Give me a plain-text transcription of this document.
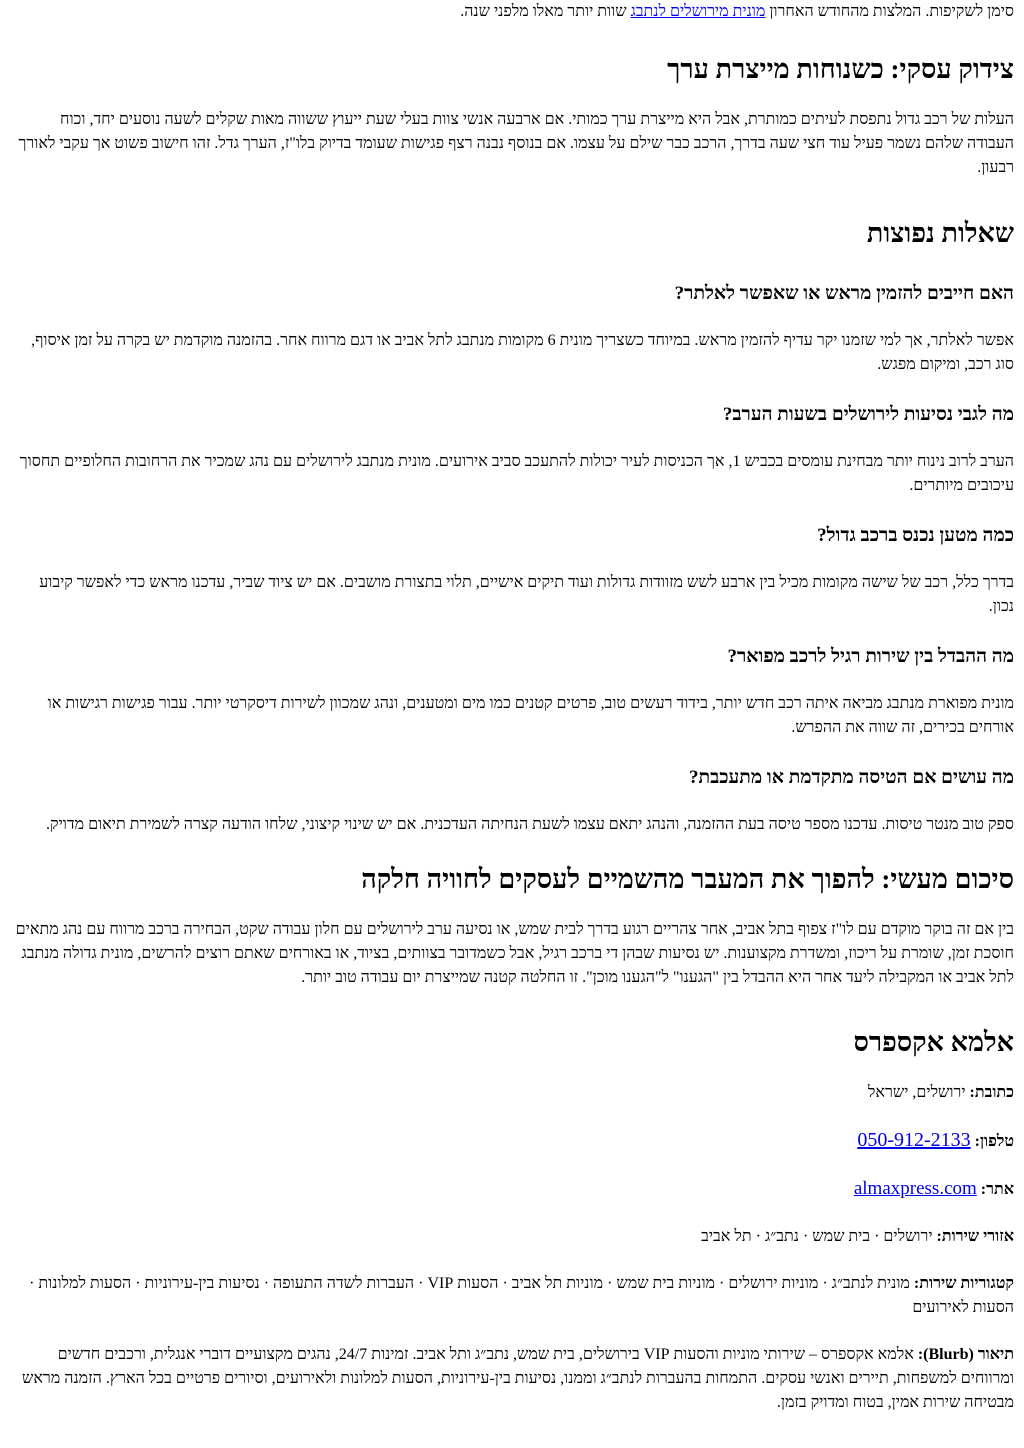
סימן לשקיפות. המלצות מהחודש האחרון מונית מירושלים לנתבג שוות יותר מאלו מלפני שנה.

צידוק עסקי: כשנוחות מייצרת ערך

העלות של רכב גדול נתפסת לעיתים כמותרת, אבל היא מייצרת ערך כמותי. אם ארבעה אנשי צוות בעלי שעת ייעוץ ששווה מאות שקלים לשעה נוסעים יחד, וכוח העבודה שלהם נשמר פעיל עוד חצי שעה בדרך, הרכב כבר שילם על עצמו. אם בנוסף נבנה רצף פגישות שעומד בדיוק בלו"ז, הערך גדל. זהו חישוב פשוט אך עקבי לאורך רבעון.

שאלות נפוצות
האם חייבים להזמין מראש או שאפשר לאלתר?

אפשר לאלתר, אך למי שזמנו יקר עדיף להזמין מראש. במיוחד כשצריך מונית 6 מקומות מנתבג לתל אביב או דגם מרווח אחר. בהזמנה מוקדמת יש בקרה על זמן איסוף, סוג רכב, ומיקום מפגש.

מה לגבי נסיעות לירושלים בשעות הערב?

הערב לרוב נינוח יותר מבחינת עומסים בכביש 1, אך הכניסות לעיר יכולות להתעכב סביב אירועים. מונית מנתבג לירושלים עם נהג שמכיר את הרחובות החלופיים תחסוך עיכובים מיותרים.

כמה מטען נכנס ברכב גדול?

בדרך כלל, רכב של שישה מקומות מכיל בין ארבע לשש מזוודות גדולות ועוד תיקים אישיים, תלוי בתצורת מושבים. אם יש ציוד שביר, עדכנו מראש כדי לאפשר קיבוע נכון.

מה ההבדל בין שירות רגיל לרכב מפואר?

מונית מפוארת מנתבג מביאה איתה רכב חדש יותר, בידוד רעשים טוב, פרטים קטנים כמו מים ומטענים, ונהג שמכוון לשירות דיסקרטי יותר. עבור פגישות רגישות או אורחים בכירים, זה שווה את ההפרש.

מה עושים אם הטיסה מתקדמת או מתעכבת?

ספק טוב מנטר טיסות. עדכנו מספר טיסה בעת ההזמנה, והנהג יתאם עצמו לשעת הנחיתה העדכנית. אם יש שינוי קיצוני, שלחו הודעה קצרה לשמירת תיאום מדויק.

סיכום מעשי: להפוך את המעבר מהשמיים לעסקים לחוויה חלקה

בין אם זה בוקר מוקדם עם לו"ז צפוף בתל אביב, אחר צהריים רגוע בדרך לבית שמש, או נסיעה ערב לירושלים עם חלון עבודה שקט, הבחירה ברכב מרווח עם נהג מתאים חוסכת זמן, שומרת על ריכוז, ומשדרת מקצוענות. יש נסיעות שבהן די ברכב רגיל, אבל כשמדובר בצוותים, בציוד, או באורחים שאתם רוצים להרשים, מונית גדולה מנתבג לתל אביב או המקבילה ליעד אחר היא ההבדל בין "הגענו" ל"הגענו מוכן". זו החלטה קטנה שמייצרת יום עבודה טוב יותר.

אלמא אקספרס

כתובת: ירושלים, ישראל

טלפון: 050-912-2133

אתר: almaxpress.com

אזורי שירות: ירושלים · בית שמש · נתב״ג · תל אביב

קטגוריות שירות: מונית לנתב״ג · מוניות ירושלים · מוניות בית שמש · מוניות תל אביב · הסעות VIP · העברות לשדה התעופה · נסיעות בין-עירוניות · הסעות למלונות · הסעות לאירועים

תיאור (Blurb): אלמא אקספרס – שירותי מוניות והסעות VIP בירושלים, בית שמש, נתב״ג ותל אביב. זמינות 24/7, נהגים מקצועיים דוברי אנגלית, ורכבים חדשים ומרווחים למשפחות, תיירים ואנשי עסקים. התמחות בהעברות לנתב״ג וממנו, נסיעות בין-עירוניות, הסעות למלונות ולאירועים, וסיורים פרטיים בכל הארץ. הזמנה מראש מבטיחה שירות אמין, בטוח ומדויק בזמן.
